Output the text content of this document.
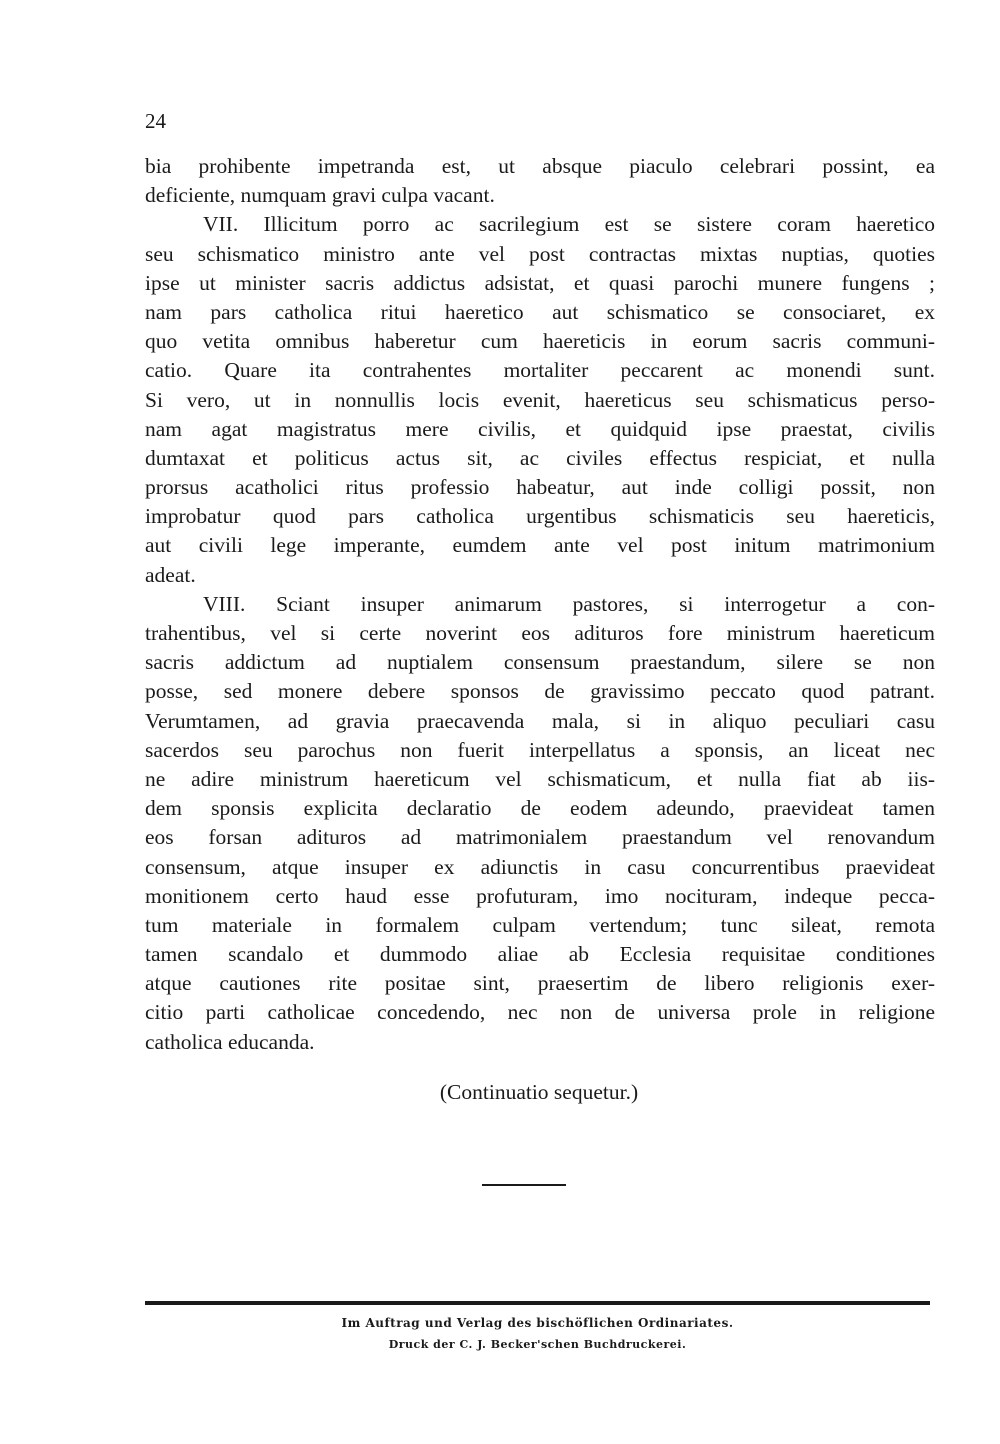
24
bia prohibente impetranda est, ut absque piaculo celebrari possint, ea
deficiente, numquam gravi culpa vacant.
VII. Illicitum porro ac sacrilegium est se sistere coram haeretico
seu schismatico ministro ante vel post contractas mixtas nuptias, quoties
ipse ut minister sacris addictus adsistat, et quasi parochi munere fungens ;
nam pars catholica ritui haeretico aut schismatico se consociaret, ex
quo vetita omnibus haberetur cum haereticis in eorum sacris communi-
catio. Quare ita contrahentes mortaliter peccarent ac monendi sunt.
Si vero, ut in nonnullis locis evenit, haereticus seu schismaticus perso-
nam agat magistratus mere civilis, et quidquid ipse praestat, civilis
dumtaxat et politicus actus sit, ac civiles effectus respiciat, et nulla
prorsus acatholici ritus professio habeatur, aut inde colligi possit, non
improbatur quod pars catholica urgentibus schismaticis seu haereticis,
aut civili lege imperante, eumdem ante vel post initum matrimonium
adeat.
VIII. Sciant insuper animarum pastores, si interrogetur a con-
trahentibus, vel si certe noverint eos adituros fore ministrum haereticum
sacris addictum ad nuptialem consensum praestandum, silere se non
posse, sed monere debere sponsos de gravissimo peccato quod patrant.
Verumtamen, ad gravia praecavenda mala, si in aliquo peculiari casu
sacerdos seu parochus non fuerit interpellatus a sponsis, an liceat nec
ne adire ministrum haereticum vel schismaticum, et nulla fiat ab iis-
dem sponsis explicita declaratio de eodem adeundo, praevideat tamen
eos forsan adituros ad matrimonialem praestandum vel renovandum
consensum, atque insuper ex adiunctis in casu concurrentibus praevideat
monitionem certo haud esse profuturam, imo nocituram, indeque pecca-
tum materiale in formalem culpam vertendum; tunc sileat, remota
tamen scandalo et dummodo aliae ab Ecclesia requisitae conditiones
atque cautiones rite positae sint, praesertim de libero religionis exer-
citio parti catholicae concedendo, nec non de universa prole in religione
catholica educanda.
(Continuatio sequetur.)
Im Auftrag und Verlag des bischöflichen Ordinariates.
Druck der C. J. Becker'schen Buchdruckerei.
